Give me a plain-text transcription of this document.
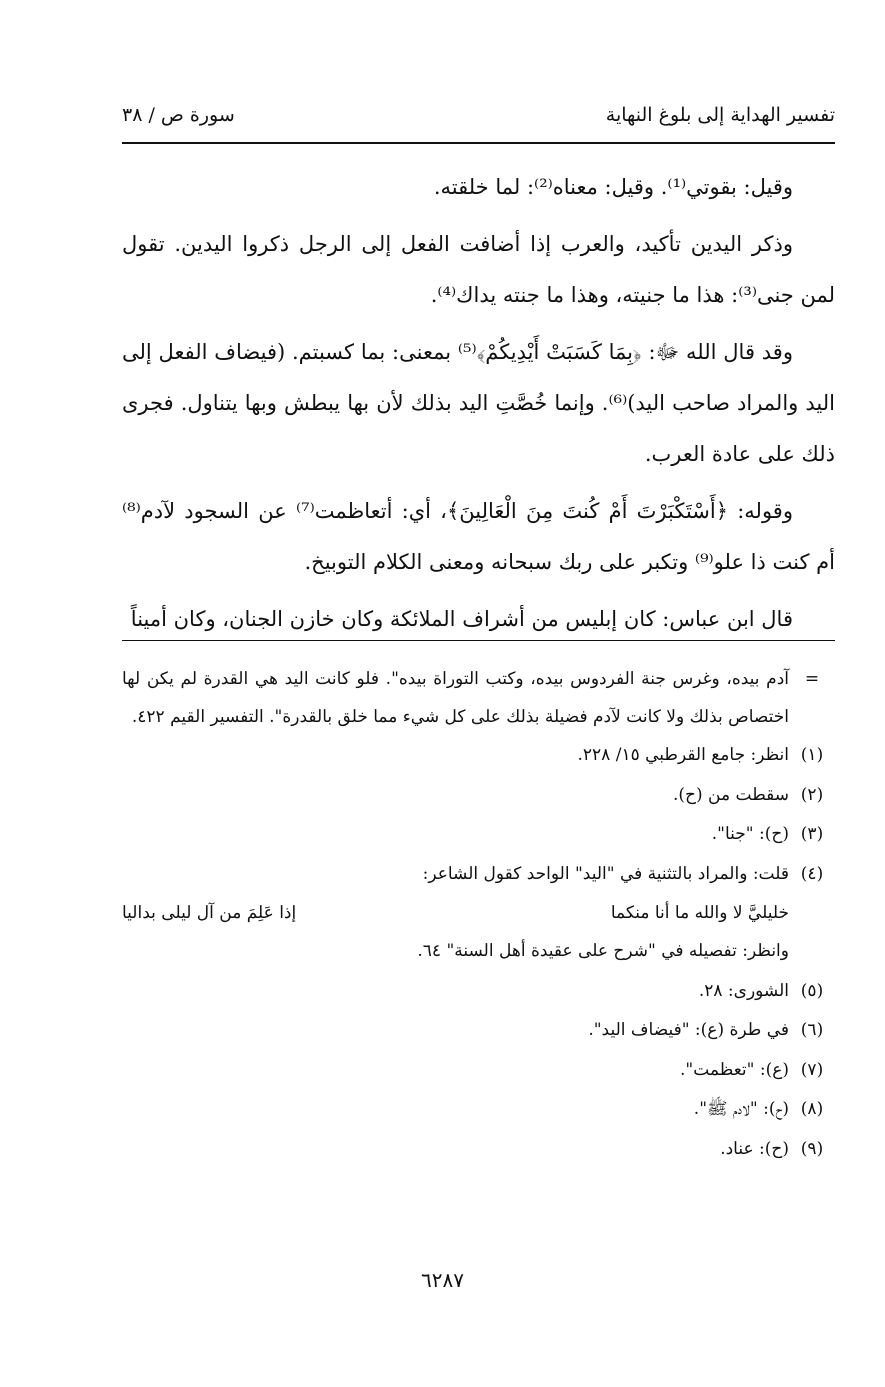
تفسير الهداية إلى بلوغ النهاية
سورة ص / ٣٨

وقيل: بقوتي⁽¹⁾. وقيل: معناه⁽²⁾: لما خلقته.

وذكر اليدين تأكيد، والعرب إذا أضافت الفعل إلى الرجل ذكروا اليدين. تقول لمن جنى⁽³⁾: هذا ما جنيته، وهذا ما جنته يداك⁽⁴⁾.

وقد قال الله ﷻ: ﴿بِمَا كَسَبَتْ أَيْدِيكُمْ﴾⁽⁵⁾ بمعنى: بما كسبتم. (فيضاف الفعل إلى اليد والمراد صاحب اليد)⁽⁶⁾. وإنما خُصَّتِ اليد بذلك لأن بها يبطش وبها يتناول. فجرى ذلك على عادة العرب.

وقوله: ﴿أَسْتَكْبَرْتَ أَمْ كُنتَ مِنَ الْعَالِينَ﴾، أي: أتعاظمت⁽⁷⁾ عن السجود لآدم⁽⁸⁾ أم كنت ذا علو⁽⁹⁾ وتكبر على ربك سبحانه ومعنى الكلام التوبيخ.

قال ابن عباس: كان إبليس من أشراف الملائكة وكان خازن الجنان، وكان أميناً

=
آدم بيده، وغرس جنة الفردوس بيده، وكتب التوراة بيده". فلو كانت اليد هي القدرة لم يكن لها اختصاص بذلك ولا كانت لآدم فضيلة بذلك على كل شيء مما خلق بالقدرة". التفسير القيم ٤٢٢.
(١)
انظر: جامع القرطبي ١٥/ ٢٢٨.
(٢)
سقطت من (ح).
(٣)
(ح): "جنا".
(٤)
قلت: والمراد بالتثنية في "اليد" الواحد كقول الشاعر:
خليليَّ لا والله ما أنا منكما
إذا عَلِمَ من آل ليلى بداليا
وانظر: تفصيله في "شرح على عقيدة أهل السنة" ٦٤.
(٥)
الشورى: ٢٨.
(٦)
في طرة (ع): "فيضاف اليد".
(٧)
(ع): "تعظمت".
(٨)
(ح): "لادم ﷺ".
(٩)
(ح): عناد.
٦٢٨٧
